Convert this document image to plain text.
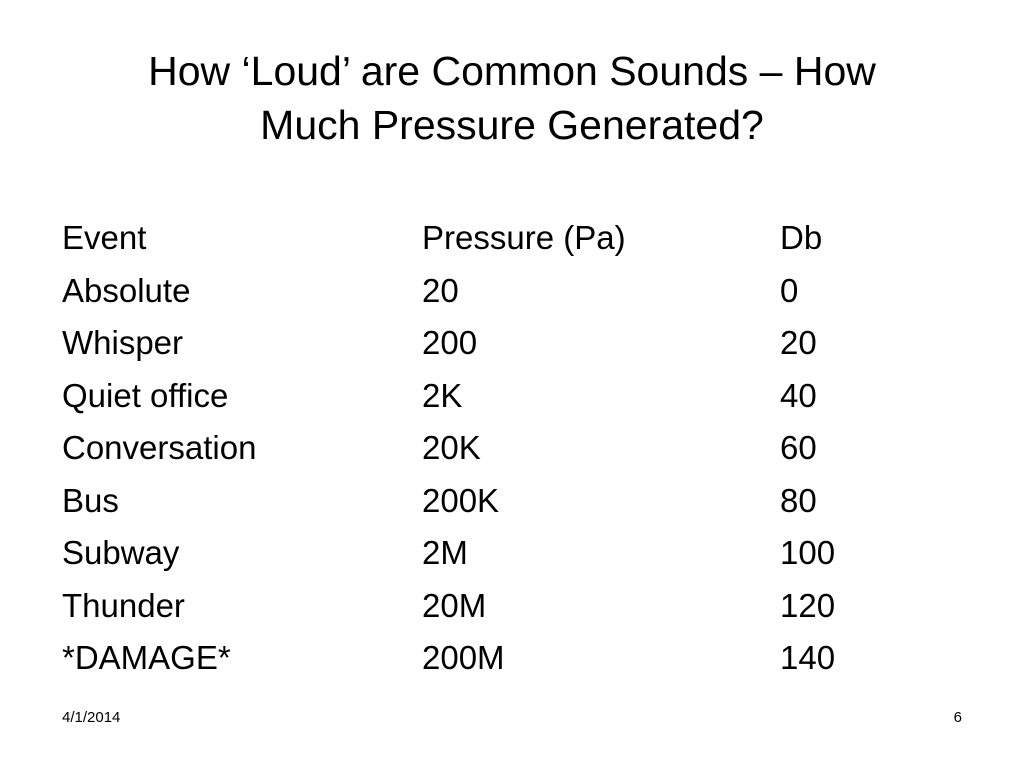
How ‘Loud’ are Common Sounds – How
Much Pressure Generated?
Event	Pressure (Pa)	Db
Absolute	20	0
Whisper	200	20
Quiet office	2K	40
Conversation	20K	60
Bus	200K	80
Subway	2M	100
Thunder	20M	120
*DAMAGE*	200M	140
4/1/2014	6
